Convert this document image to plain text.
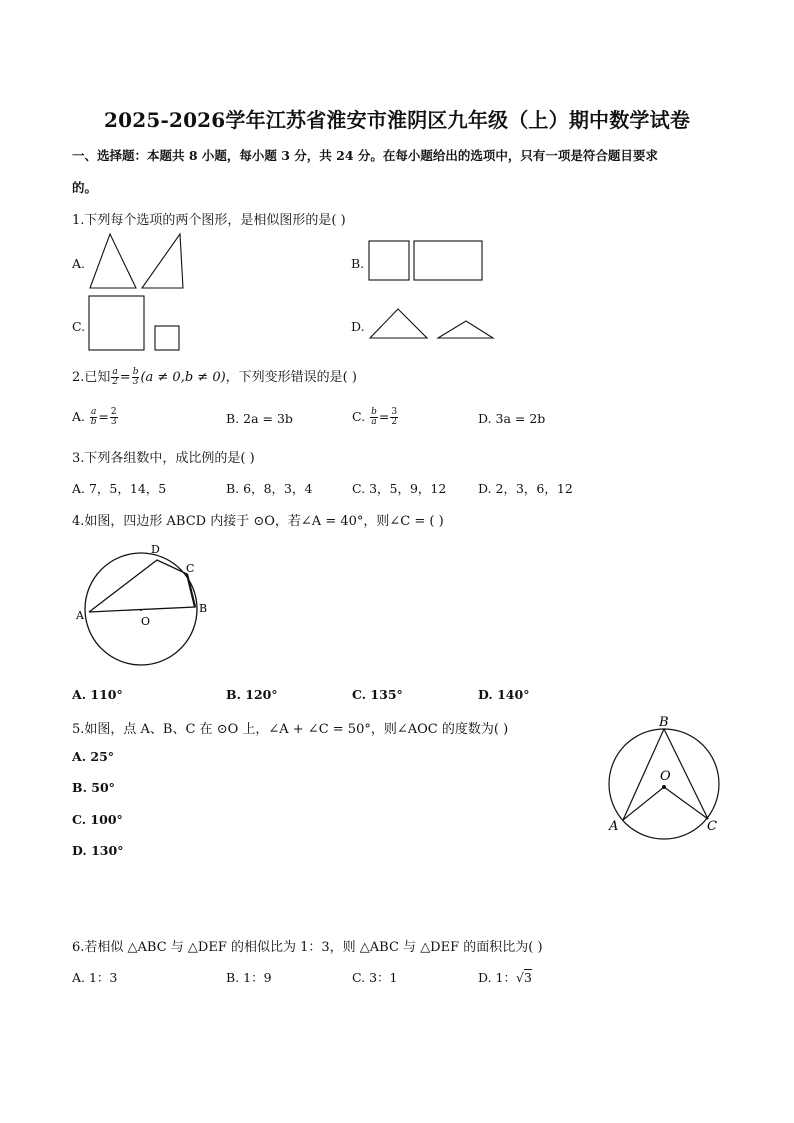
2025-2026学年江苏省淮安市淮阴区九年级（上）期中数学试卷
一、选择题：本题共 8 小题，每小题 3 分，共 24 分。在每小题给出的选项中，只有一项是符合题目要求
的。
1.下列每个选项的两个图形，是相似图形的是( )
A.	B.
C.	D.
2.已知 $\frac{a}{2} = \frac{b}{3} (a \ne 0,b \ne 0)$，下列变形错误的是( )
A. $\frac{a}{b} = \frac{2}{3}$	B. 2a = 3b	C. $\frac{b}{a} = \frac{3}{2}$	D. 3a = 2b
3.下列各组数中，成比例的是( )
A. 7，5，14，5	B. 6，8，3，4	C. 3，5，9，12	D. 2，3，6，12
4.如图，四边形 ABCD 内接于 ⊙O，若∠A = 40°，则∠C = ( )
A
D
C
B
O
A. 110°	B. 120°	C. 135°	D. 140°
5.如图，点 A、B、C 在 ⊙O 上，∠A + ∠C = 50°，则∠AOC 的度数为( )
A. 25°
B. 50°
C. 100°
D. 130°
B
O
A	C
6.若相似 △ABC 与 △DEF 的相似比为 1：3，则 △ABC 与 △DEF 的面积比为( )
A. 1：3	B. 1：9	C. 3：1	D. 1：√3
